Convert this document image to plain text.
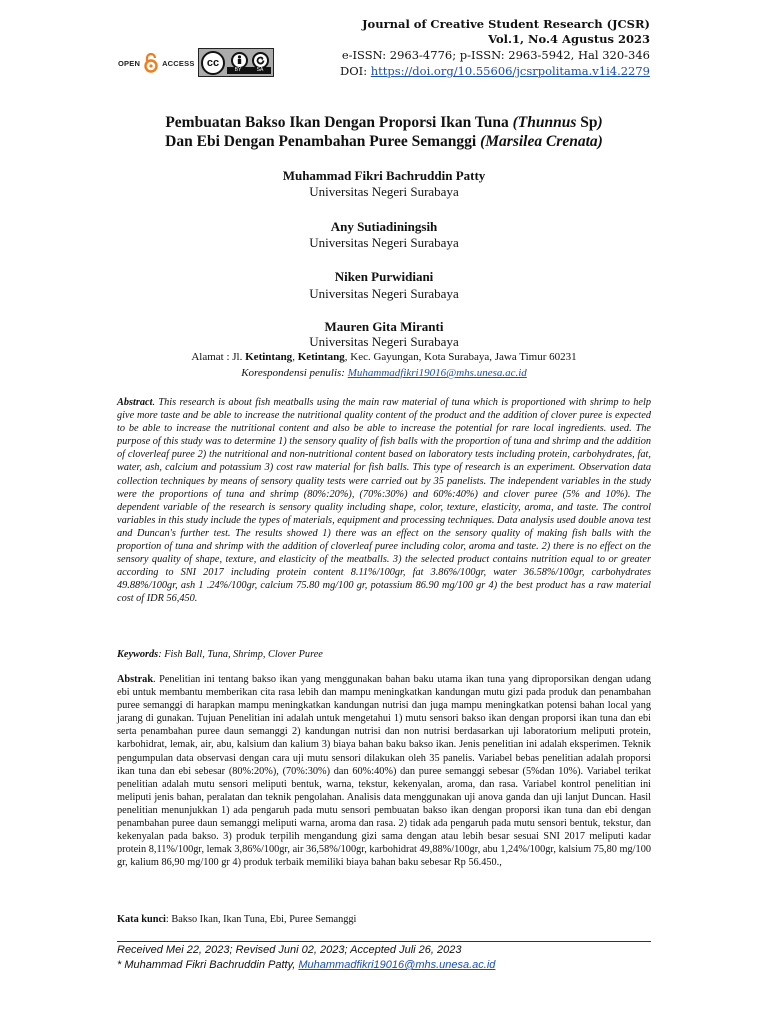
OPEN	ACCESS	cc
BY	SA
Journal of Creative Student Research (JCSR)
Vol.1, No.4 Agustus 2023
e-ISSN: 2963-4776; p-ISSN: 2963-5942, Hal 320-346
DOI: https://doi.org/10.55606/jcsrpolitama.v1i4.2279
Pembuatan Bakso Ikan Dengan Proporsi Ikan Tuna (Thunnus Sp)
Dan Ebi Dengan Penambahan Puree Semanggi (Marsilea Crenata)
Muhammad Fikri Bachruddin Patty
Universitas Negeri Surabaya
Any Sutiadiningsih
Universitas Negeri Surabaya
Niken Purwidiani
Universitas Negeri Surabaya
Mauren Gita Miranti
Universitas Negeri Surabaya
Alamat : Jl. Ketintang, Ketintang, Kec. Gayungan, Kota Surabaya, Jawa Timur 60231
Korespondensi penulis: Muhammadfikri19016@mhs.unesa.ac.id

Abstract. This research is about fish meatballs using the main raw material of tuna which is proportioned with shrimp to help give more taste and be able to increase the nutritional quality content of the product and the addition of clover puree is expected to be able to increase the nutritional content and also be able to increase the potential for rare local ingredients. used. The purpose of this study was to determine 1) the sensory quality of fish balls with the proportion of tuna and shrimp and the addition of cloverleaf puree 2) the nutritional and non-nutritional content based on laboratory tests including protein, carbohydrates, fat, water, ash, calcium and potassium 3) cost raw material for fish balls. This type of research is an experiment. Observation data collection techniques by means of sensory quality tests were carried out by 35 panelists. The independent variables in the study were the proportions of tuna and shrimp (80%:20%), (70%:30%) and 60%:40%) and clover puree (5% and 10%). The dependent variable of the research is sensory quality including shape, color, texture, elasticity, aroma, and taste. The control variables in this study include the types of materials, equipment and processing techniques. Data analysis used double anova test and Duncan's further test. The results showed 1) there was an effect on the sensory quality of making fish balls with the proportion of tuna and shrimp with the addition of cloverleaf puree including color, aroma and taste. 2) there is no effect on the sensory quality of shape, texture, and elasticity of the meatballs. 3) the selected product contains nutrition equal to or greater according to SNI 2017 including protein content 8.11%/100gr, fat 3.86%/100gr, water 36.58%/100gr, carbohydrates 49.88%/100gr, ash 1 .24%/100gr, calcium 75.80 mg/100 gr, potassium 86.90 mg/100 gr 4) the best product has a raw material cost of IDR 56,450.

Keywords: Fish Ball, Tuna, Shrimp, Clover Puree

Abstrak. Penelitian ini tentang bakso ikan yang menggunakan bahan baku utama ikan tuna yang diproporsikan dengan udang ebi untuk membantu memberikan cita rasa lebih dan mampu meningkatkan kandungan mutu gizi pada produk dan penambahan puree semanggi di harapkan mampu meningkatkan kandungan nutrisi dan juga mampu meningkatkan potensi bahan local yang jarang di gunakan. Tujuan Penelitian ini adalah untuk mengetahui 1) mutu sensori bakso ikan dengan proporsi ikan tuna dan ebi serta penambahan puree daun semanggi 2) kandungan nutrisi dan non nutrisi berdasarkan uji laboratorium meliputi protein, karbohidrat, lemak, air, abu, kalsium dan kalium 3) biaya bahan baku bakso ikan. Jenis penelitian ini adalah eksperimen. Teknik pengumpulan data observasi dengan cara uji mutu sensori dilakukan oleh 35 panelis. Variabel bebas penelitian adalah proporsi ikan tuna dan ebi sebesar (80%:20%), (70%:30%) dan 60%:40%) dan puree semanggi sebesar (5%dan 10%). Variabel terikat penelitian adalah mutu sensori meliputi bentuk, warna, tekstur, kekenyalan, aroma, dan rasa. Variabel kontrol penelitian ini meliputi jenis bahan, peralatan dan teknik pengolahan. Analisis data menggunakan uji anova ganda dan uji lanjut Duncan. Hasil penelitian menunjukkan 1) ada pengaruh pada mutu sensori pembuatan bakso ikan dengan proporsi ikan tuna dan ebi dengan penambahan puree daun semanggi meliputi warna, aroma dan rasa. 2) tidak ada pengaruh pada mutu sensori bentuk, tekstur, dan kekenyalan pada bakso. 3) produk terpilih mengandung gizi sama dengan atau lebih besar sesuai SNI 2017 meliputi kadar protein 8,11%/100gr, lemak 3,86%/100gr, air 36,58%/100gr, karbohidrat 49,88%/100gr, abu 1,24%/100gr, kalsium 75,80 mg/100 gr, kalium 86,90 mg/100 gr 4) produk terbaik memiliki biaya bahan baku sebesar Rp 56.450.,

Kata kunci: Bakso Ikan, Ikan Tuna, Ebi, Puree Semanggi
Received Mei 22, 2023; Revised Juni 02, 2023; Accepted Juli 26, 2023
* Muhammad Fikri Bachruddin Patty, Muhammadfikri19016@mhs.unesa.ac.id
